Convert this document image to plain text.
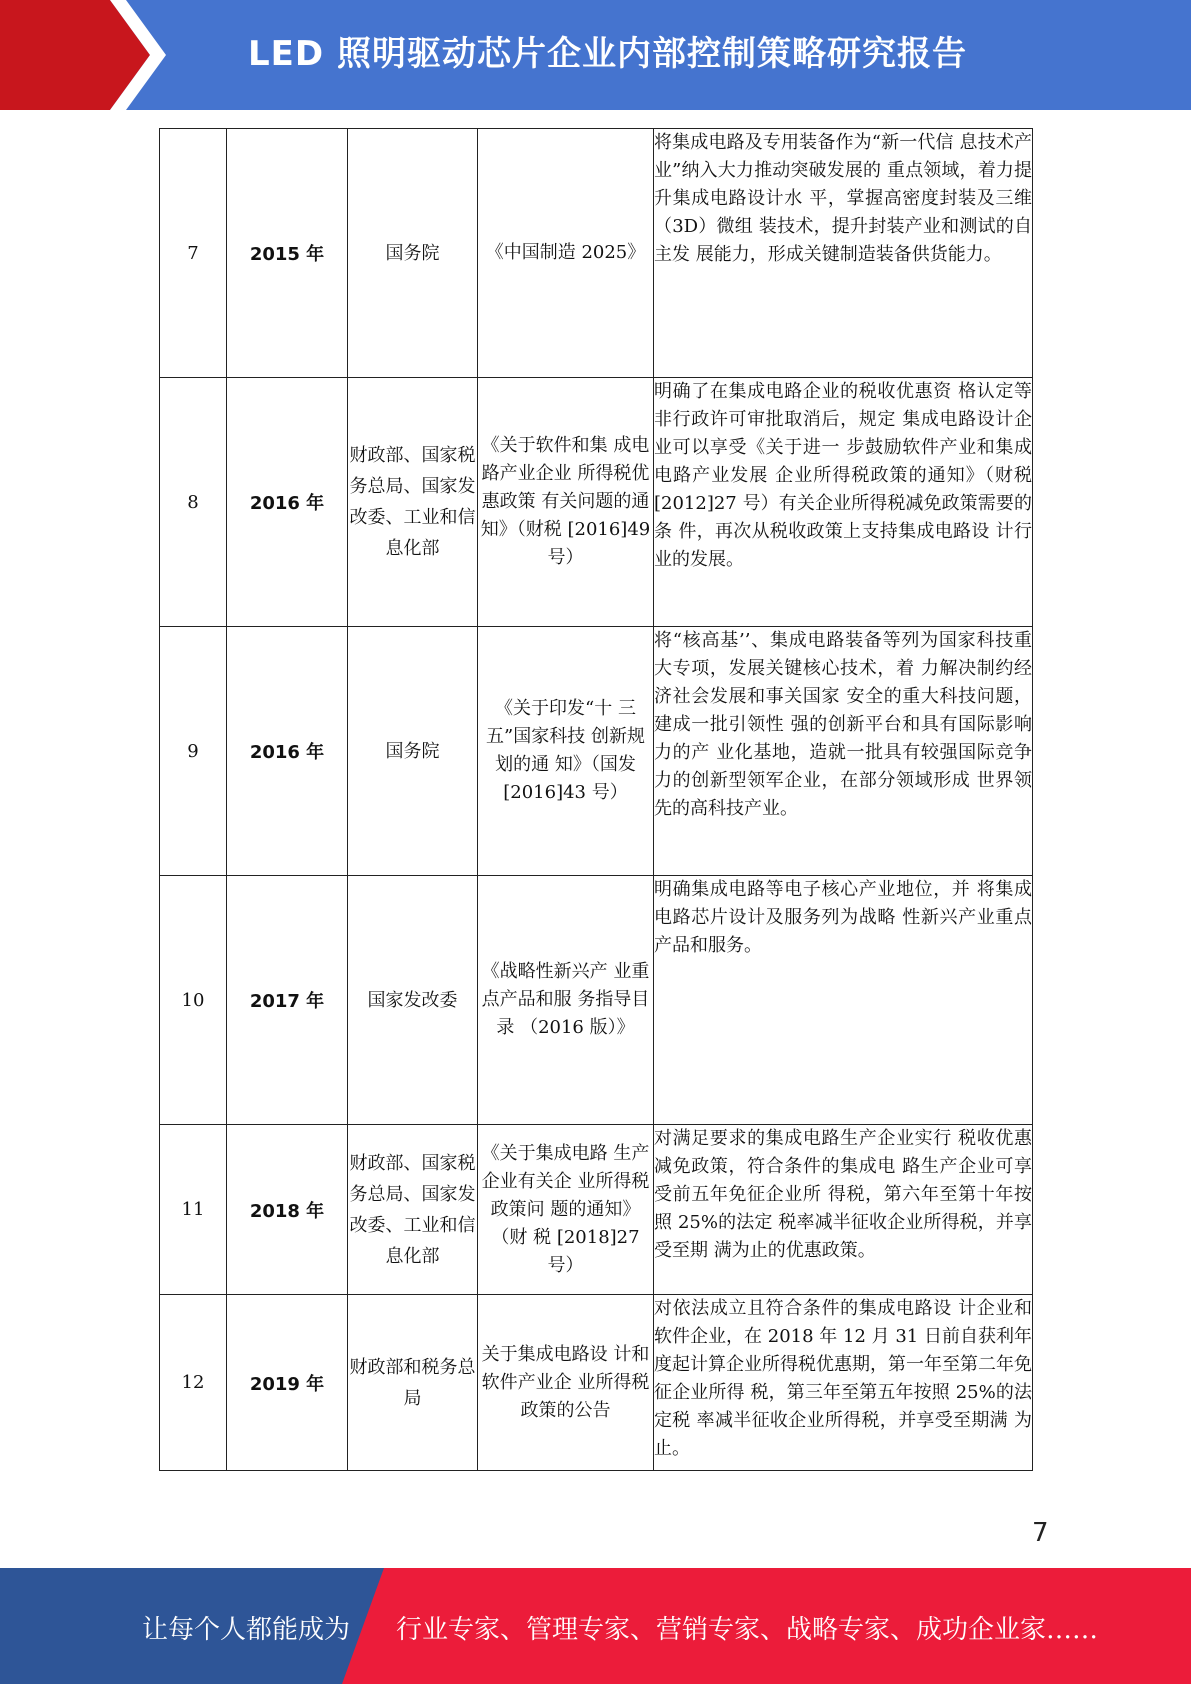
LED 照明驱动芯片企业内部控制策略研究报告
7	2015 年	国务院	《中国制造 2025》	将集成电路及专用装备作为“新一代信 息技术产业”纳入大力推动突破发展的 重点领域，着力提升集成电路设计水 平，掌握高密度封装及三维（3D）微组 装技术，提升封装产业和测试的自主发 展能力，形成关键制造装备供货能力。
8	2016 年	财政部、国家税务总局、国家发改委、工业和信息化部	《关于软件和集 成电路产业企业 所得税优惠政策 有关问题的通 知》（财税 [2016]49 号）	明确了在集成电路企业的税收优惠资 格认定等非行政许可审批取消后，规定 集成电路设计企业可以享受《关于进一 步鼓励软件产业和集成电路产业发展 企业所得税政策的通知》（财税[2012]27 号）有关企业所得税减免政策需要的条 件，再次从税收政策上支持集成电路设 计行业的发展。
9	2016 年	国务院	《关于印发“十 三五”国家科技 创新规划的通 知》（国发 [2016]43 号）	将“核高基’’、集成电路装备等列为国家科技重大专项，发展关键核心技术，着 力解决制约经济社会发展和事关国家 安全的重大科技问题，建成一批引领性 强的创新平台和具有国际影响力的产 业化基地，造就一批具有较强国际竞争 力的创新型领军企业，在部分领域形成 世界领先的高科技产业。
10	2017 年	国家发改委	《战略性新兴产 业重点产品和服 务指导目录 （2016 版）》	明确集成电路等电子核心产业地位，并 将集成电路芯片设计及服务列为战略 性新兴产业重点产品和服务。
11	2018 年	财政部、国家税务总局、国家发改委、工业和信息化部	《关于集成电路 生产企业有关企 业所得税政策问 题的通知》（财 税 [2018]27 号）	对满足要求的集成电路生产企业实行 税收优惠减免政策，符合条件的集成电 路生产企业可享受前五年免征企业所 得税，第六年至第十年按照 25%的法定 税率减半征收企业所得税，并享受至期 满为止的优惠政策。
12	2019 年	财政部和税务总局	关于集成电路设 计和软件产业企 业所得税政策的公告	对依法成立且符合条件的集成电路设 计企业和软件企业，在 2018 年 12 月 31 日前自获利年度起计算企业所得税优惠期，第一年至第二年免征企业所得 税，第三年至第五年按照 25%的法定税 率减半征收企业所得税，并享受至期满 为止。
7
让每个人都能成为 行业专家、管理专家、营销专家、战略专家、成功企业家……
